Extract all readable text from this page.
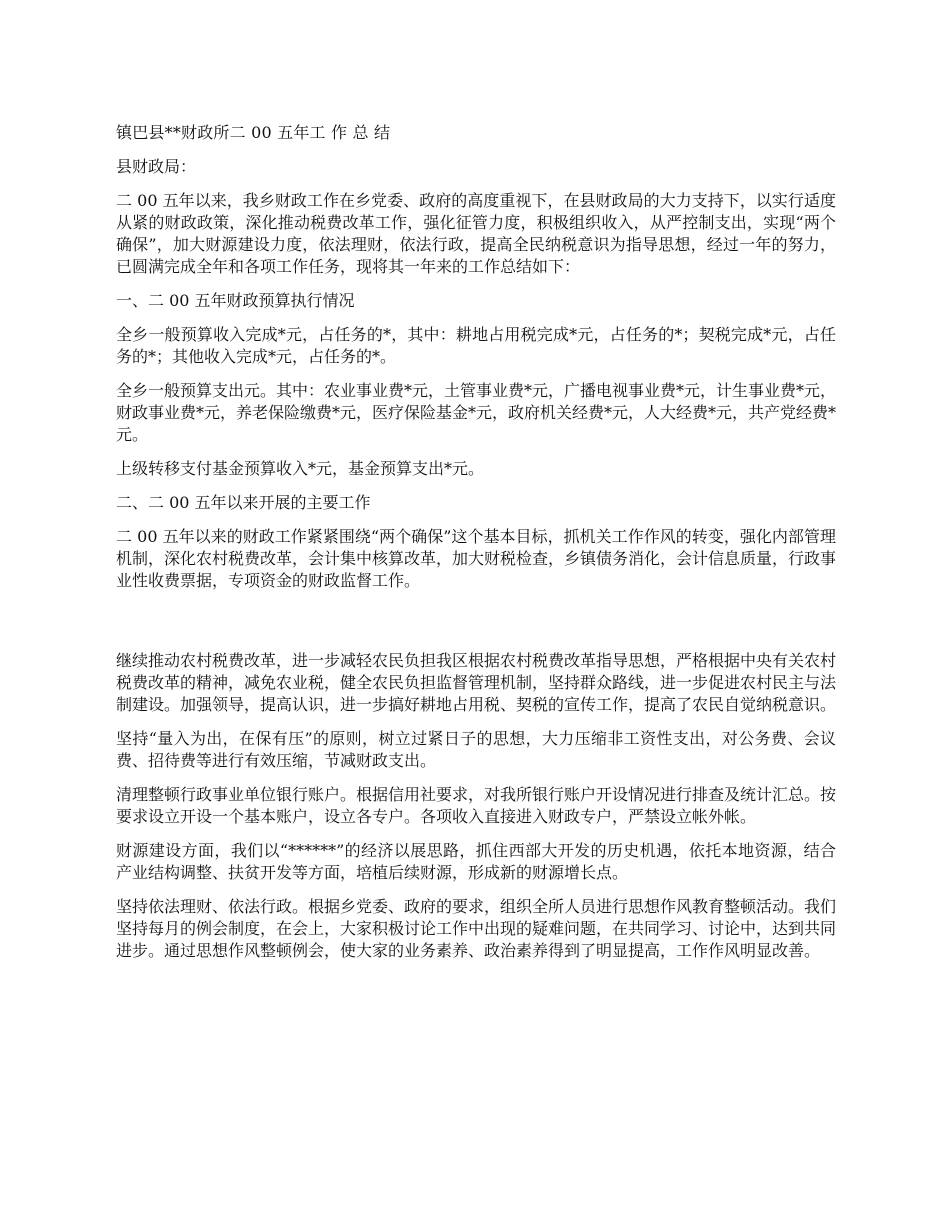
镇巴县**财政所二 00 五年工 作 总 结

县财政局：

二 00 五年以来，我乡财政工作在乡党委、政府的高度重视下，在县财政局的大力支持下，以实行适度从紧的财政政策，深化推动税费改革工作，强化征管力度，积极组织收入，从严控制支出，实现“两个确保”，加大财源建设力度，依法理财，依法行政，提高全民纳税意识为指导思想，经过一年的努力，已圆满完成全年和各项工作任务，现将其一年来的工作总结如下：

一、二 00 五年财政预算执行情况

全乡一般预算收入完成*元，占任务的*，其中：耕地占用税完成*元，占任务的*；契税完成*元，占任务的*；其他收入完成*元，占任务的*。

全乡一般预算支出元。其中：农业事业费*元，土管事业费*元，广播电视事业费*元，计生事业费*元，财政事业费*元，养老保险缴费*元，医疗保险基金*元，政府机关经费*元，人大经费*元，共产党经费*元。

上级转移支付基金预算收入*元，基金预算支出*元。

二、二 00 五年以来开展的主要工作

二 00 五年以来的财政工作紧紧围绕“两个确保”这个基本目标，抓机关工作作风的转变，强化内部管理机制，深化农村税费改革，会计集中核算改革，加大财税检查，乡镇债务消化，会计信息质量，行政事业性收费票据，专项资金的财政监督工作。

继续推动农村税费改革，进一步减轻农民负担我区根据农村税费改革指导思想，严格根据中央有关农村税费改革的精神，减免农业税，健全农民负担监督管理机制，坚持群众路线，进一步促进农村民主与法制建设。加强领导，提高认识，进一步搞好耕地占用税、契税的宣传工作，提高了农民自觉纳税意识。

坚持“量入为出，在保有压”的原则，树立过紧日子的思想，大力压缩非工资性支出，对公务费、会议费、招待费等进行有效压缩，节减财政支出。

清理整顿行政事业单位银行账户。根据信用社要求，对我所银行账户开设情况进行排查及统计汇总。按要求设立开设一个基本账户，设立各专户。各项收入直接进入财政专户，严禁设立帐外帐。

财源建设方面，我们以“******”的经济以展思路，抓住西部大开发的历史机遇，依托本地资源，结合产业结构调整、扶贫开发等方面，培植后续财源，形成新的财源增长点。

坚持依法理财、依法行政。根据乡党委、政府的要求，组织全所人员进行思想作风教育整顿活动。我们坚持每月的例会制度，在会上，大家积极讨论工作中出现的疑难问题，在共同学习、讨论中，达到共同进步。通过思想作风整顿例会，使大家的业务素养、政治素养得到了明显提高，工作作风明显改善。
